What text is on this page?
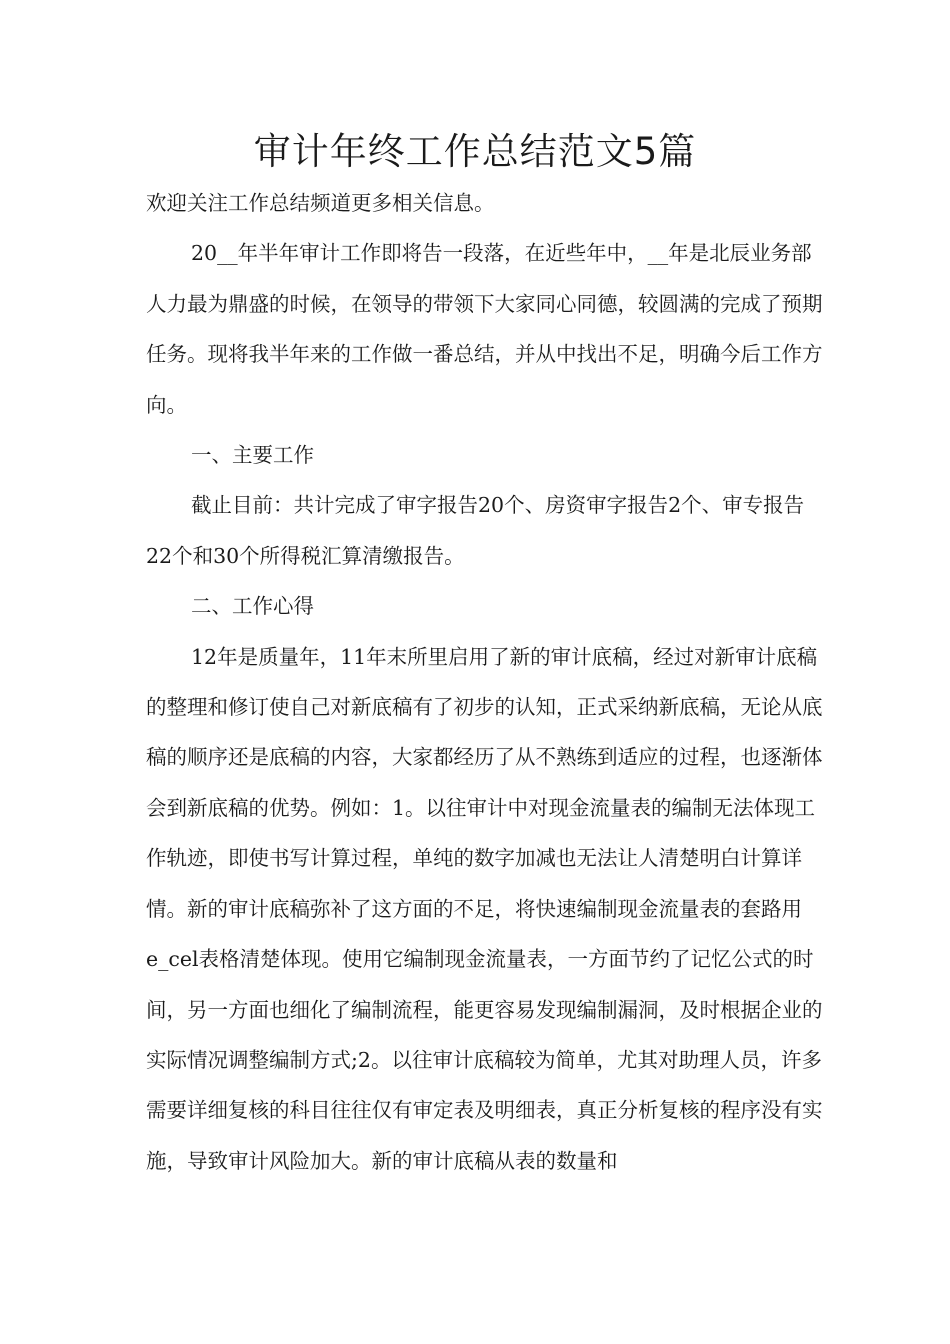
审计年终工作总结范文5篇

欢迎关注工作总结频道更多相关信息。

20__年半年审计工作即将告一段落，在近些年中，__年是北辰业务部人力最为鼎盛的时候，在领导的带领下大家同心同德，较圆满的完成了预期任务。现将我半年来的工作做一番总结，并从中找出不足，明确今后工作方向。

一、主要工作

截止目前：共计完成了审字报告20个、房资审字报告2个、审专报告22个和30个所得税汇算清缴报告。

二、工作心得

12年是质量年，11年末所里启用了新的审计底稿，经过对新审计底稿的整理和修订使自己对新底稿有了初步的认知，正式采纳新底稿，无论从底稿的顺序还是底稿的内容，大家都经历了从不熟练到适应的过程，也逐渐体会到新底稿的优势。例如：1。以往审计中对现金流量表的编制无法体现工作轨迹，即使书写计算过程，单纯的数字加减也无法让人清楚明白计算详情。新的审计底稿弥补了这方面的不足，将快速编制现金流量表的套路用e_cel表格清楚体现。使用它编制现金流量表，一方面节约了记忆公式的时间，另一方面也细化了编制流程，能更容易发现编制漏洞，及时根据企业的实际情况调整编制方式;2。以往审计底稿较为简单，尤其对助理人员，许多需要详细复核的科目往往仅有审定表及明细表，真正分析复核的程序没有实施，导致审计风险加大。新的审计底稿从表的数量和
